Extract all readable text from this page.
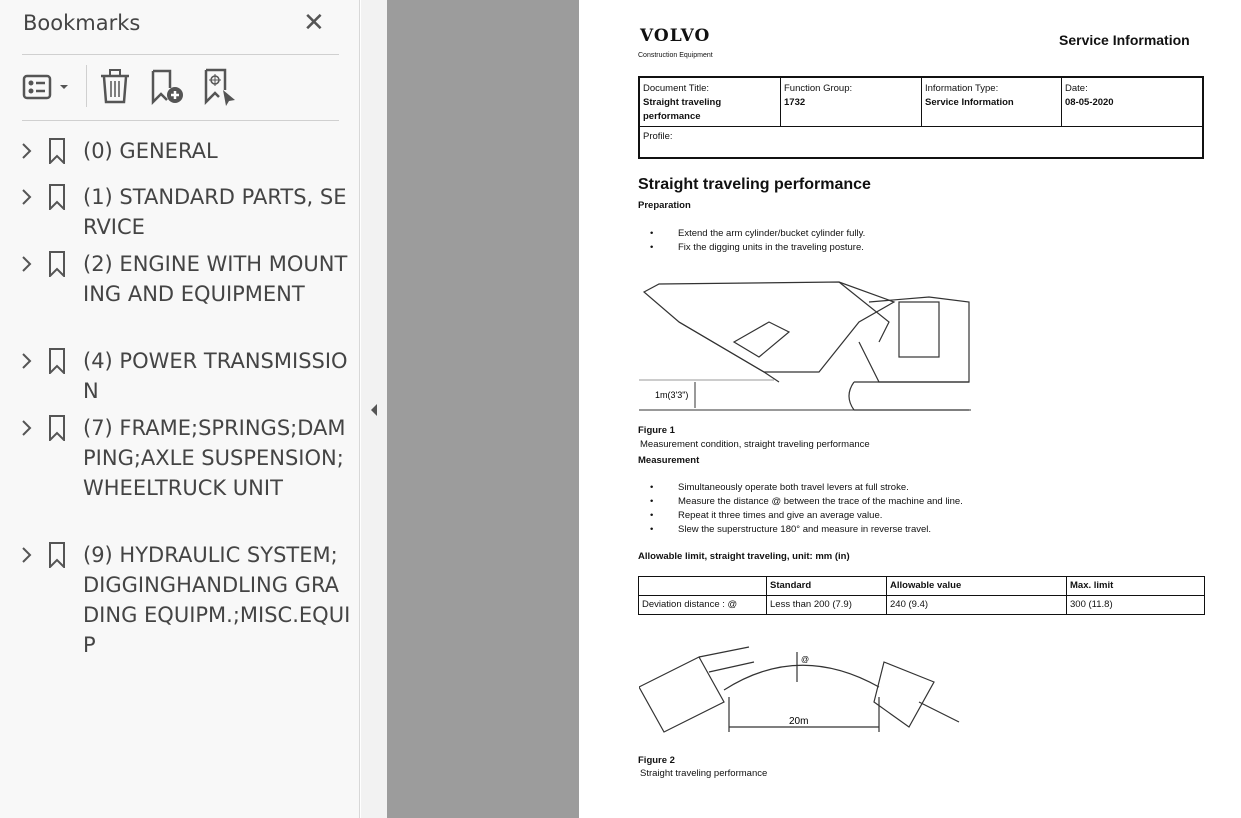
Bookmarks	✕
(0) GENERAL
(1) STANDARD PARTS, SERVICE
(2) ENGINE WITH MOUNTING AND EQUIPMENT
(4) POWER TRANSMISSION
(7) FRAME;SPRINGS;DAMPING;AXLE SUSPENSION; WHEELTRUCK UNIT
(9) HYDRAULIC SYSTEM;DIGGINGHANDLING GRADING EQUIPM.;MISC.EQUIP
VOLVO
Construction Equipment
Service Information
Document Title:
Straight traveling performance
Function Group:
1732
Information Type:
Service Information
Date:
08-05-2020
Profile:
Straight traveling performance
Preparation
• Extend the arm cylinder/bucket cylinder fully.
• Fix the digging units in the traveling posture.
1m(3'3")
Figure 1
Measurement condition, straight traveling performance
Measurement
• Simultaneously operate both travel levers at full stroke.
• Measure the distance @ between the trace of the machine and line.
• Repeat it three times and give an average value.
• Slew the superstructure 180° and measure in reverse travel.
Allowable limit, straight traveling, unit: mm (in)
	Standard	Allowable value	Max. limit
Deviation distance : @	Less than 200 (7.9)	240 (9.4)	300 (11.8)
20m
@
Figure 2
Straight traveling performance
